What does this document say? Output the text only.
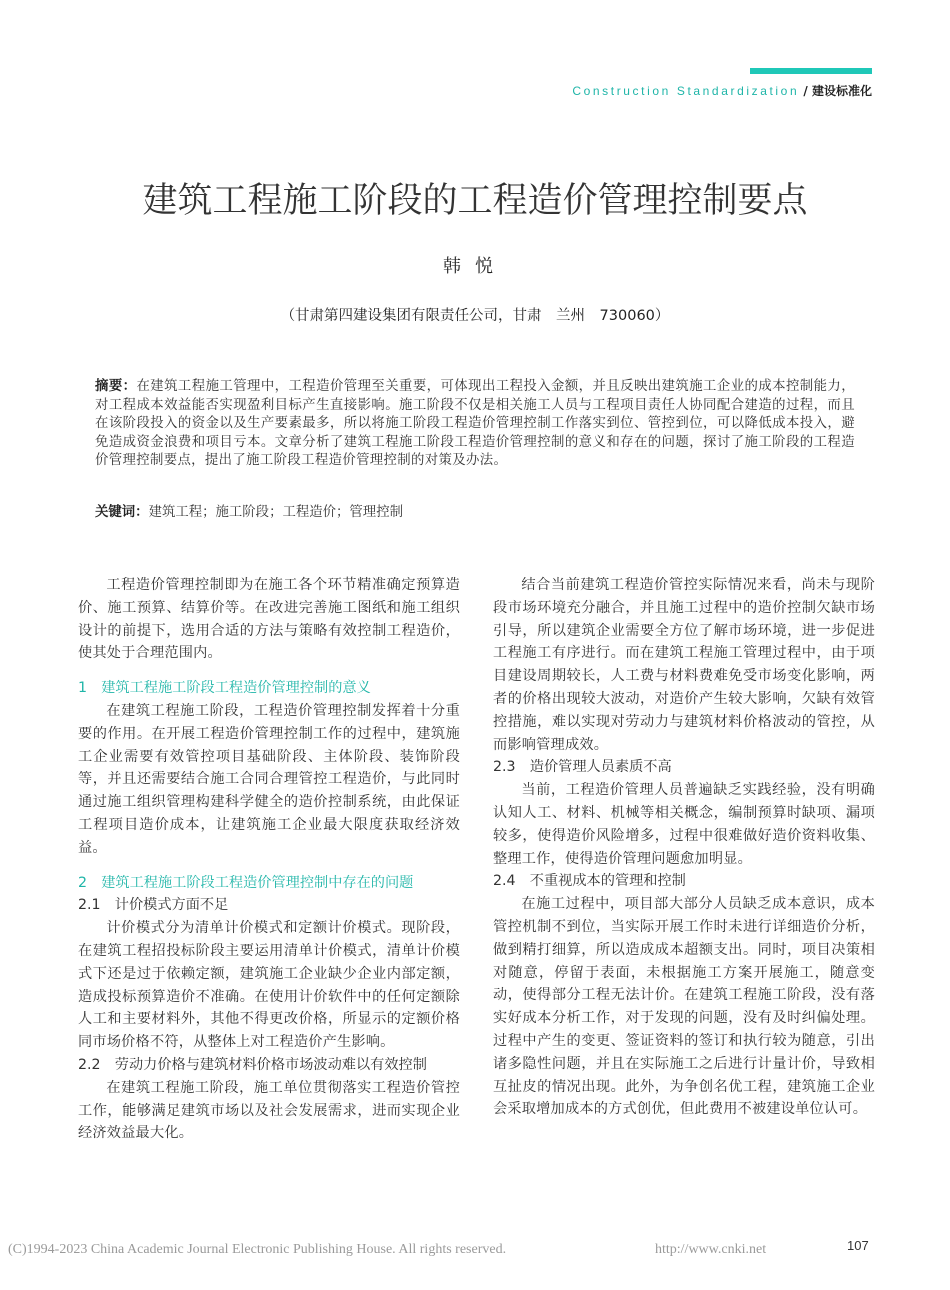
Construction Standardization / 建设标准化
建筑工程施工阶段的工程造价管理控制要点
韩悦
（甘肃第四建设集团有限责任公司，甘肃　兰州　730060）
摘要：在建筑工程施工管理中，工程造价管理至关重要，可体现出工程投入金额，并且反映出建筑施工企业的成本控制能力，对工程成本效益能否实现盈利目标产生直接影响。施工阶段不仅是相关施工人员与工程项目责任人协同配合建造的过程，而且在该阶段投入的资金以及生产要素最多，所以将施工阶段工程造价管理控制工作落实到位、管控到位，可以降低成本投入，避免造成资金浪费和项目亏本。文章分析了建筑工程施工阶段工程造价管理控制的意义和存在的问题，探讨了施工阶段的工程造价管理控制要点，提出了施工阶段工程造价管理控制的对策及办法。
关键词：建筑工程；施工阶段；工程造价；管理控制

工程造价管理控制即为在施工各个环节精准确定预算造价、施工预算、结算价等。在改进完善施工图纸和施工组织设计的前提下，选用合适的方法与策略有效控制工程造价，使其处于合理范围内。

1　建筑工程施工阶段工程造价管理控制的意义

在建筑工程施工阶段，工程造价管理控制发挥着十分重要的作用。在开展工程造价管理控制工作的过程中，建筑施工企业需要有效管控项目基础阶段、主体阶段、装饰阶段等，并且还需要结合施工合同合理管控工程造价，与此同时通过施工组织管理构建科学健全的造价控制系统，由此保证工程项目造价成本，让建筑施工企业最大限度获取经济效益。

2　建筑工程施工阶段工程造价管理控制中存在的问题
2.1　计价模式方面不足

计价模式分为清单计价模式和定额计价模式。现阶段，在建筑工程招投标阶段主要运用清单计价模式，清单计价模式下还是过于依赖定额，建筑施工企业缺少企业内部定额，造成投标预算造价不准确。在使用计价软件中的任何定额除人工和主要材料外，其他不得更改价格，所显示的定额价格同市场价格不符，从整体上对工程造价产生影响。

2.2　劳动力价格与建筑材料价格市场波动难以有效控制

在建筑工程施工阶段，施工单位贯彻落实工程造价管控工作，能够满足建筑市场以及社会发展需求，进而实现企业经济效益最大化。

结合当前建筑工程造价管控实际情况来看，尚未与现阶段市场环境充分融合，并且施工过程中的造价控制欠缺市场引导，所以建筑企业需要全方位了解市场环境，进一步促进工程施工有序进行。而在建筑工程施工管理过程中，由于项目建设周期较长，人工费与材料费难免受市场变化影响，两者的价格出现较大波动，对造价产生较大影响，欠缺有效管控措施，难以实现对劳动力与建筑材料价格波动的管控，从而影响管理成效。

2.3　造价管理人员素质不高

当前，工程造价管理人员普遍缺乏实践经验，没有明确认知人工、材料、机械等相关概念，编制预算时缺项、漏项较多，使得造价风险增多，过程中很难做好造价资料收集、整理工作，使得造价管理问题愈加明显。

2.4　不重视成本的管理和控制

在施工过程中，项目部大部分人员缺乏成本意识，成本管控机制不到位，当实际开展工作时未进行详细造价分析，做到精打细算，所以造成成本超额支出。同时，项目决策相对随意，停留于表面，未根据施工方案开展施工，随意变动，使得部分工程无法计价。在建筑工程施工阶段，没有落实好成本分析工作，对于发现的问题，没有及时纠偏处理。过程中产生的变更、签证资料的签订和执行较为随意，引出诸多隐性问题，并且在实际施工之后进行计量计价，导致相互扯皮的情况出现。此外，为争创名优工程，建筑施工企业会采取增加成本的方式创优，但此费用不被建设单位认可。

(C)1994-2023 China Academic Journal Electronic Publishing House. All rights reserved.	http://www.cnki.net	107
